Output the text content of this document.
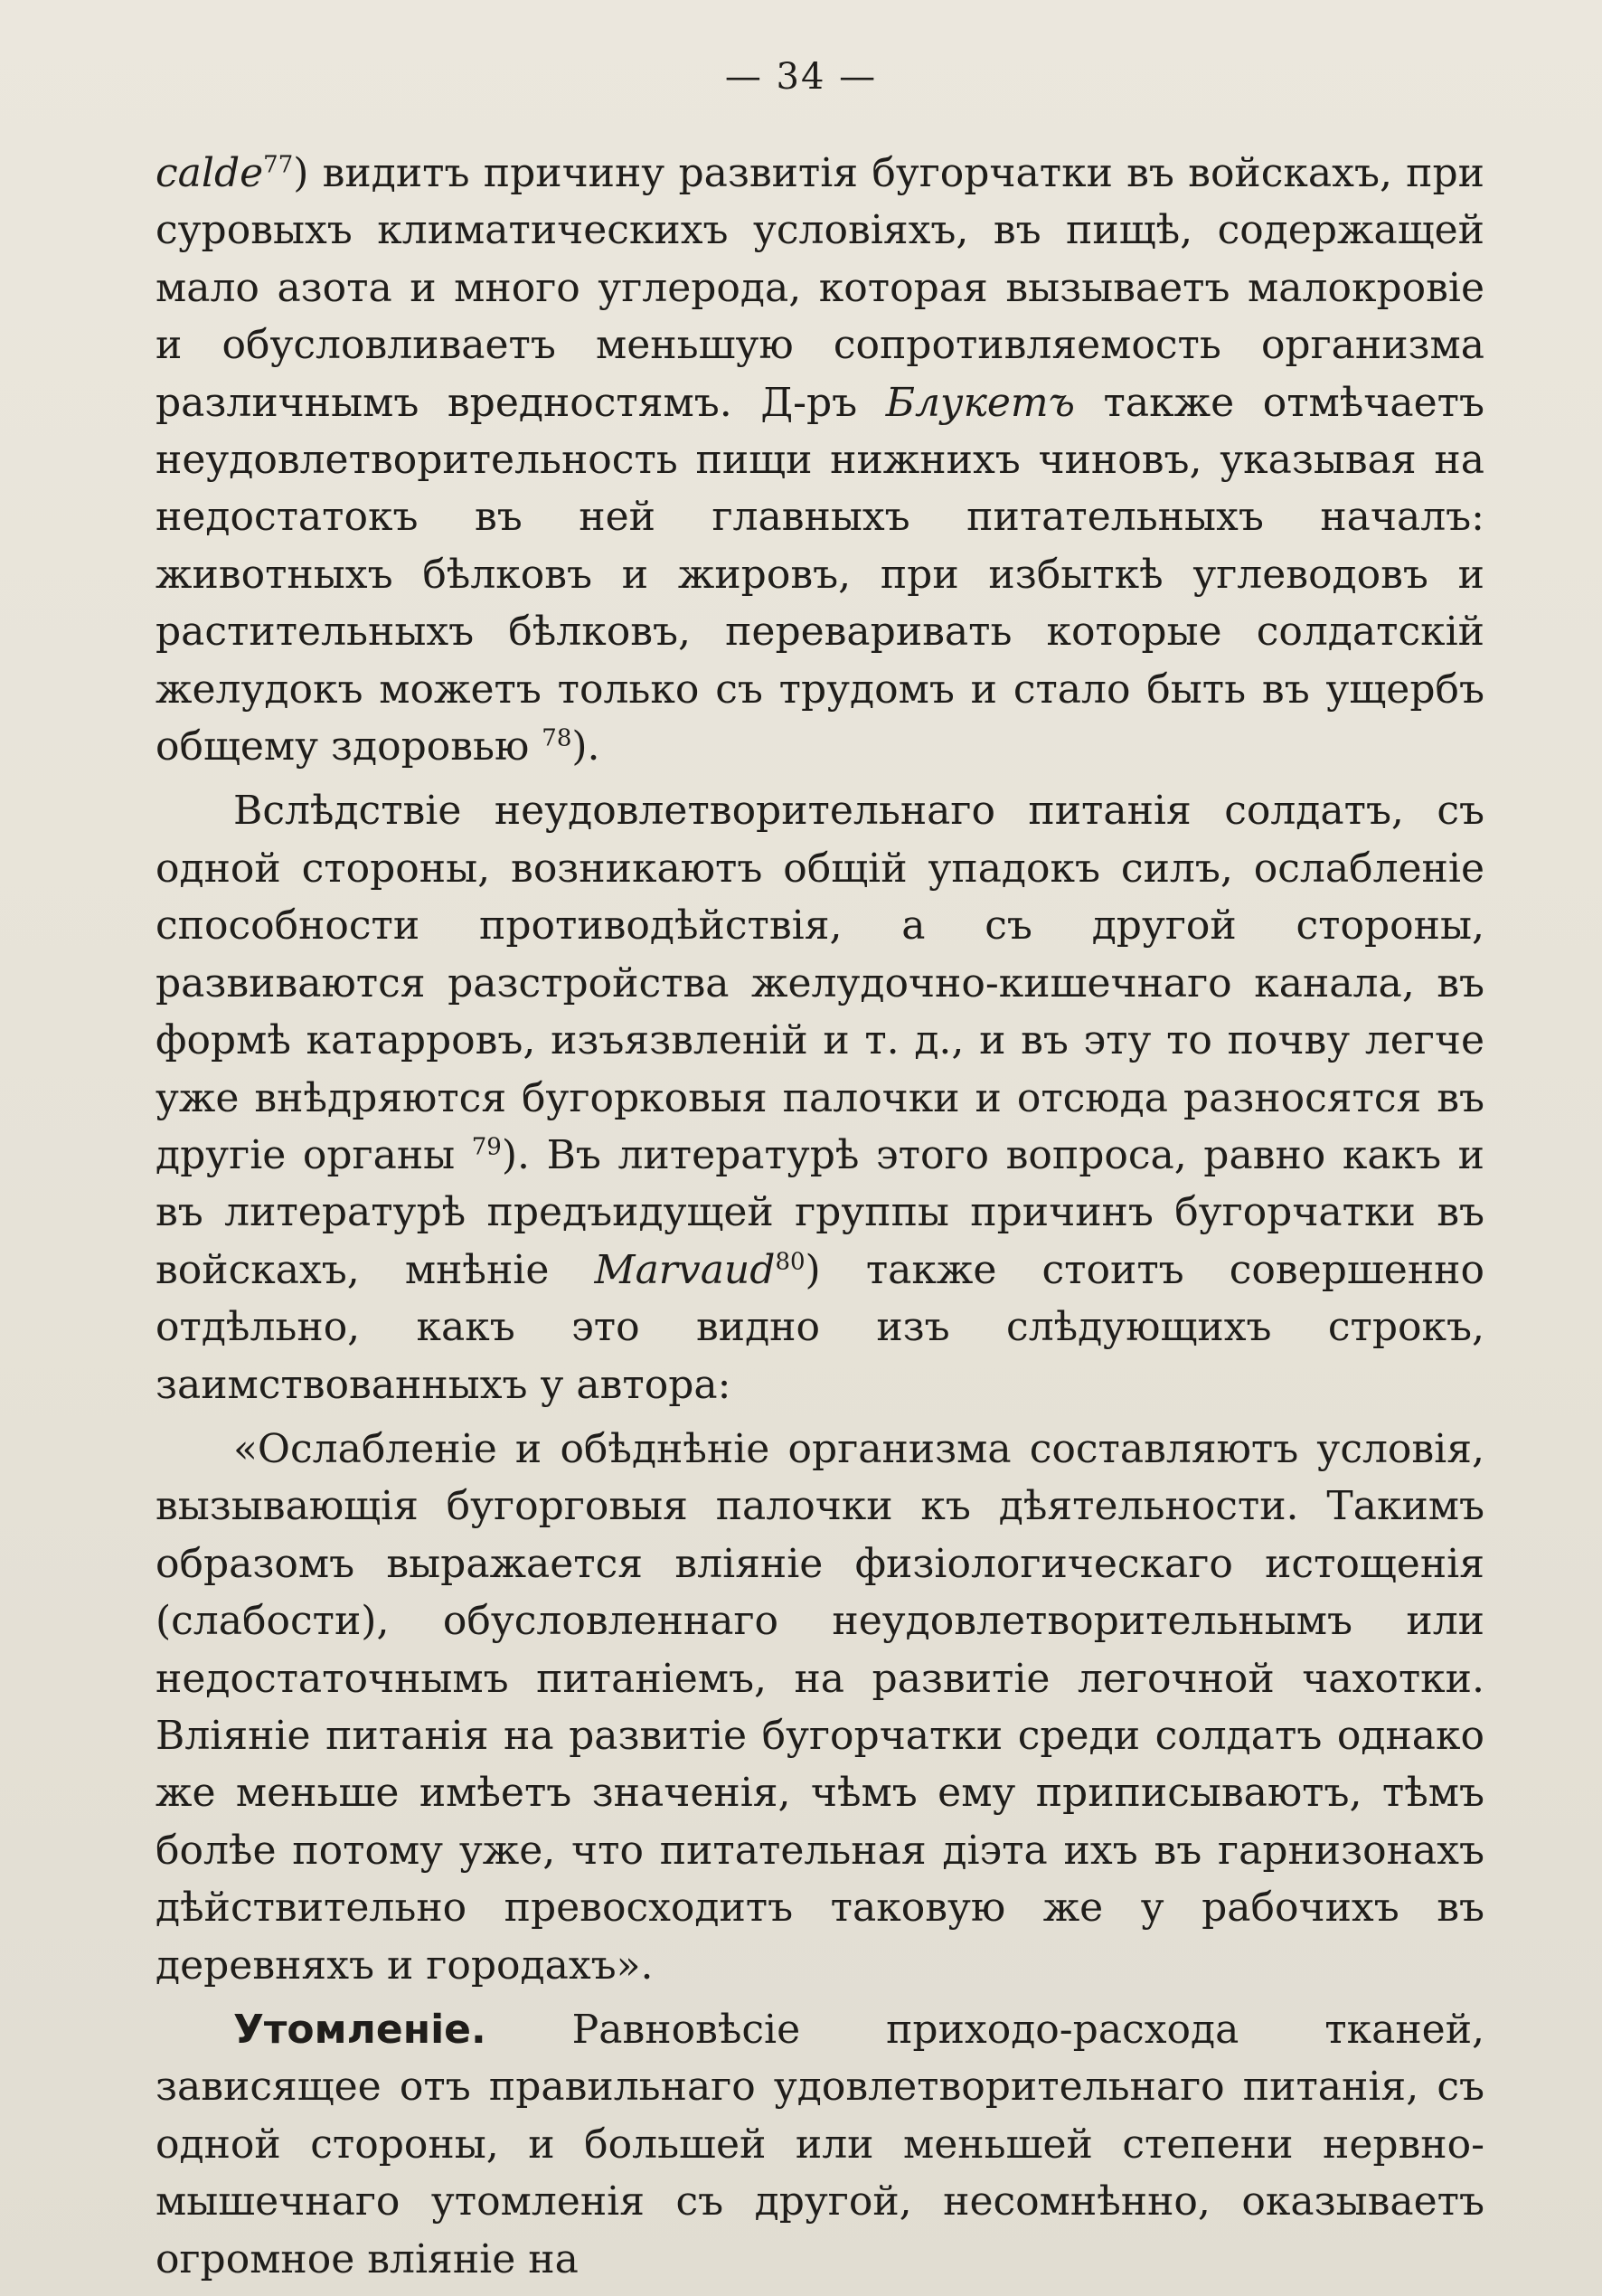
— 34 —

calde$^{77}$) видитъ причину развитія бугорчатки въ войскахъ, при суровыхъ климатическихъ условіяхъ, въ пищѣ, содержащей мало азота и много углерода, которая вызываетъ малокровіе и обусловливаетъ меньшую сопротивляемость организма различнымъ вредностямъ. Д-ръ Блукетъ также отмѣчаетъ неудовлетворительность пищи нижнихъ чиновъ, указывая на недостатокъ въ ней главныхъ питательныхъ началъ: животныхъ бѣлковъ и жировъ, при избыткѣ углеводовъ и растительныхъ бѣлковъ, переваривать которые солдатскій желудокъ можетъ только съ трудомъ и стало быть въ ущербъ общему здоровью $^{78}$).

Вслѣдствіе неудовлетворительнаго питанія солдатъ, съ одной стороны, возникаютъ общій упадокъ силъ, ослабленіе способности противодѣйствія, а съ другой стороны, развиваются разстройства желудочно-кишечнаго канала, въ формѣ катарровъ, изъязвленій и т. д., и въ эту то почву легче уже внѣдряются бугорковыя палочки и отсюда разносятся въ другіе органы $^{79}$). Въ литературѣ этого вопроса, равно какъ и въ литературѣ предъидущей группы причинъ бугорчатки въ войскахъ, мнѣніе Marvaud$^{80}$) также стоитъ совершенно отдѣльно, какъ это видно изъ слѣдующихъ строкъ, заимствованныхъ у автора:

«Ослабленіе и обѣднѣніе организма составляютъ условія, вызывающія бугорговыя палочки къ дѣятельности. Такимъ образомъ выражается вліяніе физіологическаго истощенія (слабости), обусловленнаго неудовлетворительнымъ или недостаточнымъ питаніемъ, на развитіе легочной чахотки. Вліяніе питанія на развитіе бугорчатки среди солдатъ однако же меньше имѣетъ значенія, чѣмъ ему приписываютъ, тѣмъ болѣе потому уже, что питательная діэта ихъ въ гарнизонахъ дѣйствительно превосходитъ таковую же у рабочихъ въ деревняхъ и городахъ».

Утомленіе. Равновѣсіе приходо-расхода тканей, зависящее отъ правильнаго удовлетворительнаго питанія, съ одной стороны, и большей или меньшей степени нервно-мышечнаго утомленія съ другой, несомнѣнно, оказываетъ огромное вліяніе на
